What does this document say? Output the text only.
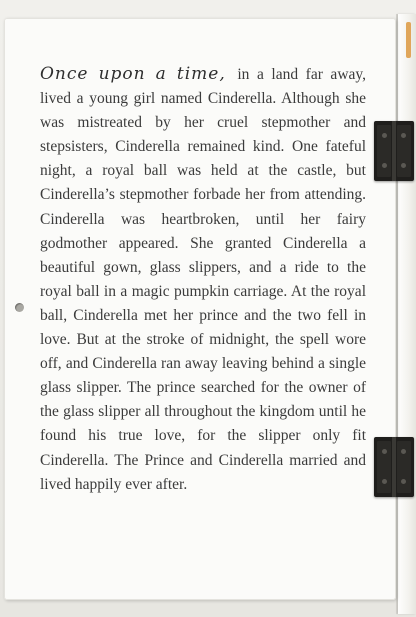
Once upon a time, in a land far away, lived a young girl named Cinderella. Although she was mistreated by her cruel stepmother and stepsisters, Cinderella remained kind. One fateful night, a royal ball was held at the castle, but Cinderella’s stepmother forbade her from attending. Cinderella was heartbroken, until her fairy godmother appeared. She granted Cinderella a beautiful gown, glass slippers, and a ride to the royal ball in a magic pumpkin carriage. At the royal ball, Cinderella met her prince and the two fell in love. But at the stroke of midnight, the spell wore off, and Cinderella ran away leaving behind a single glass slipper. The prince searched for the owner of the glass slipper all throughout the kingdom until he found his true love, for the slipper only fit Cinderella. The Prince and Cinderella married and lived happily ever after.
